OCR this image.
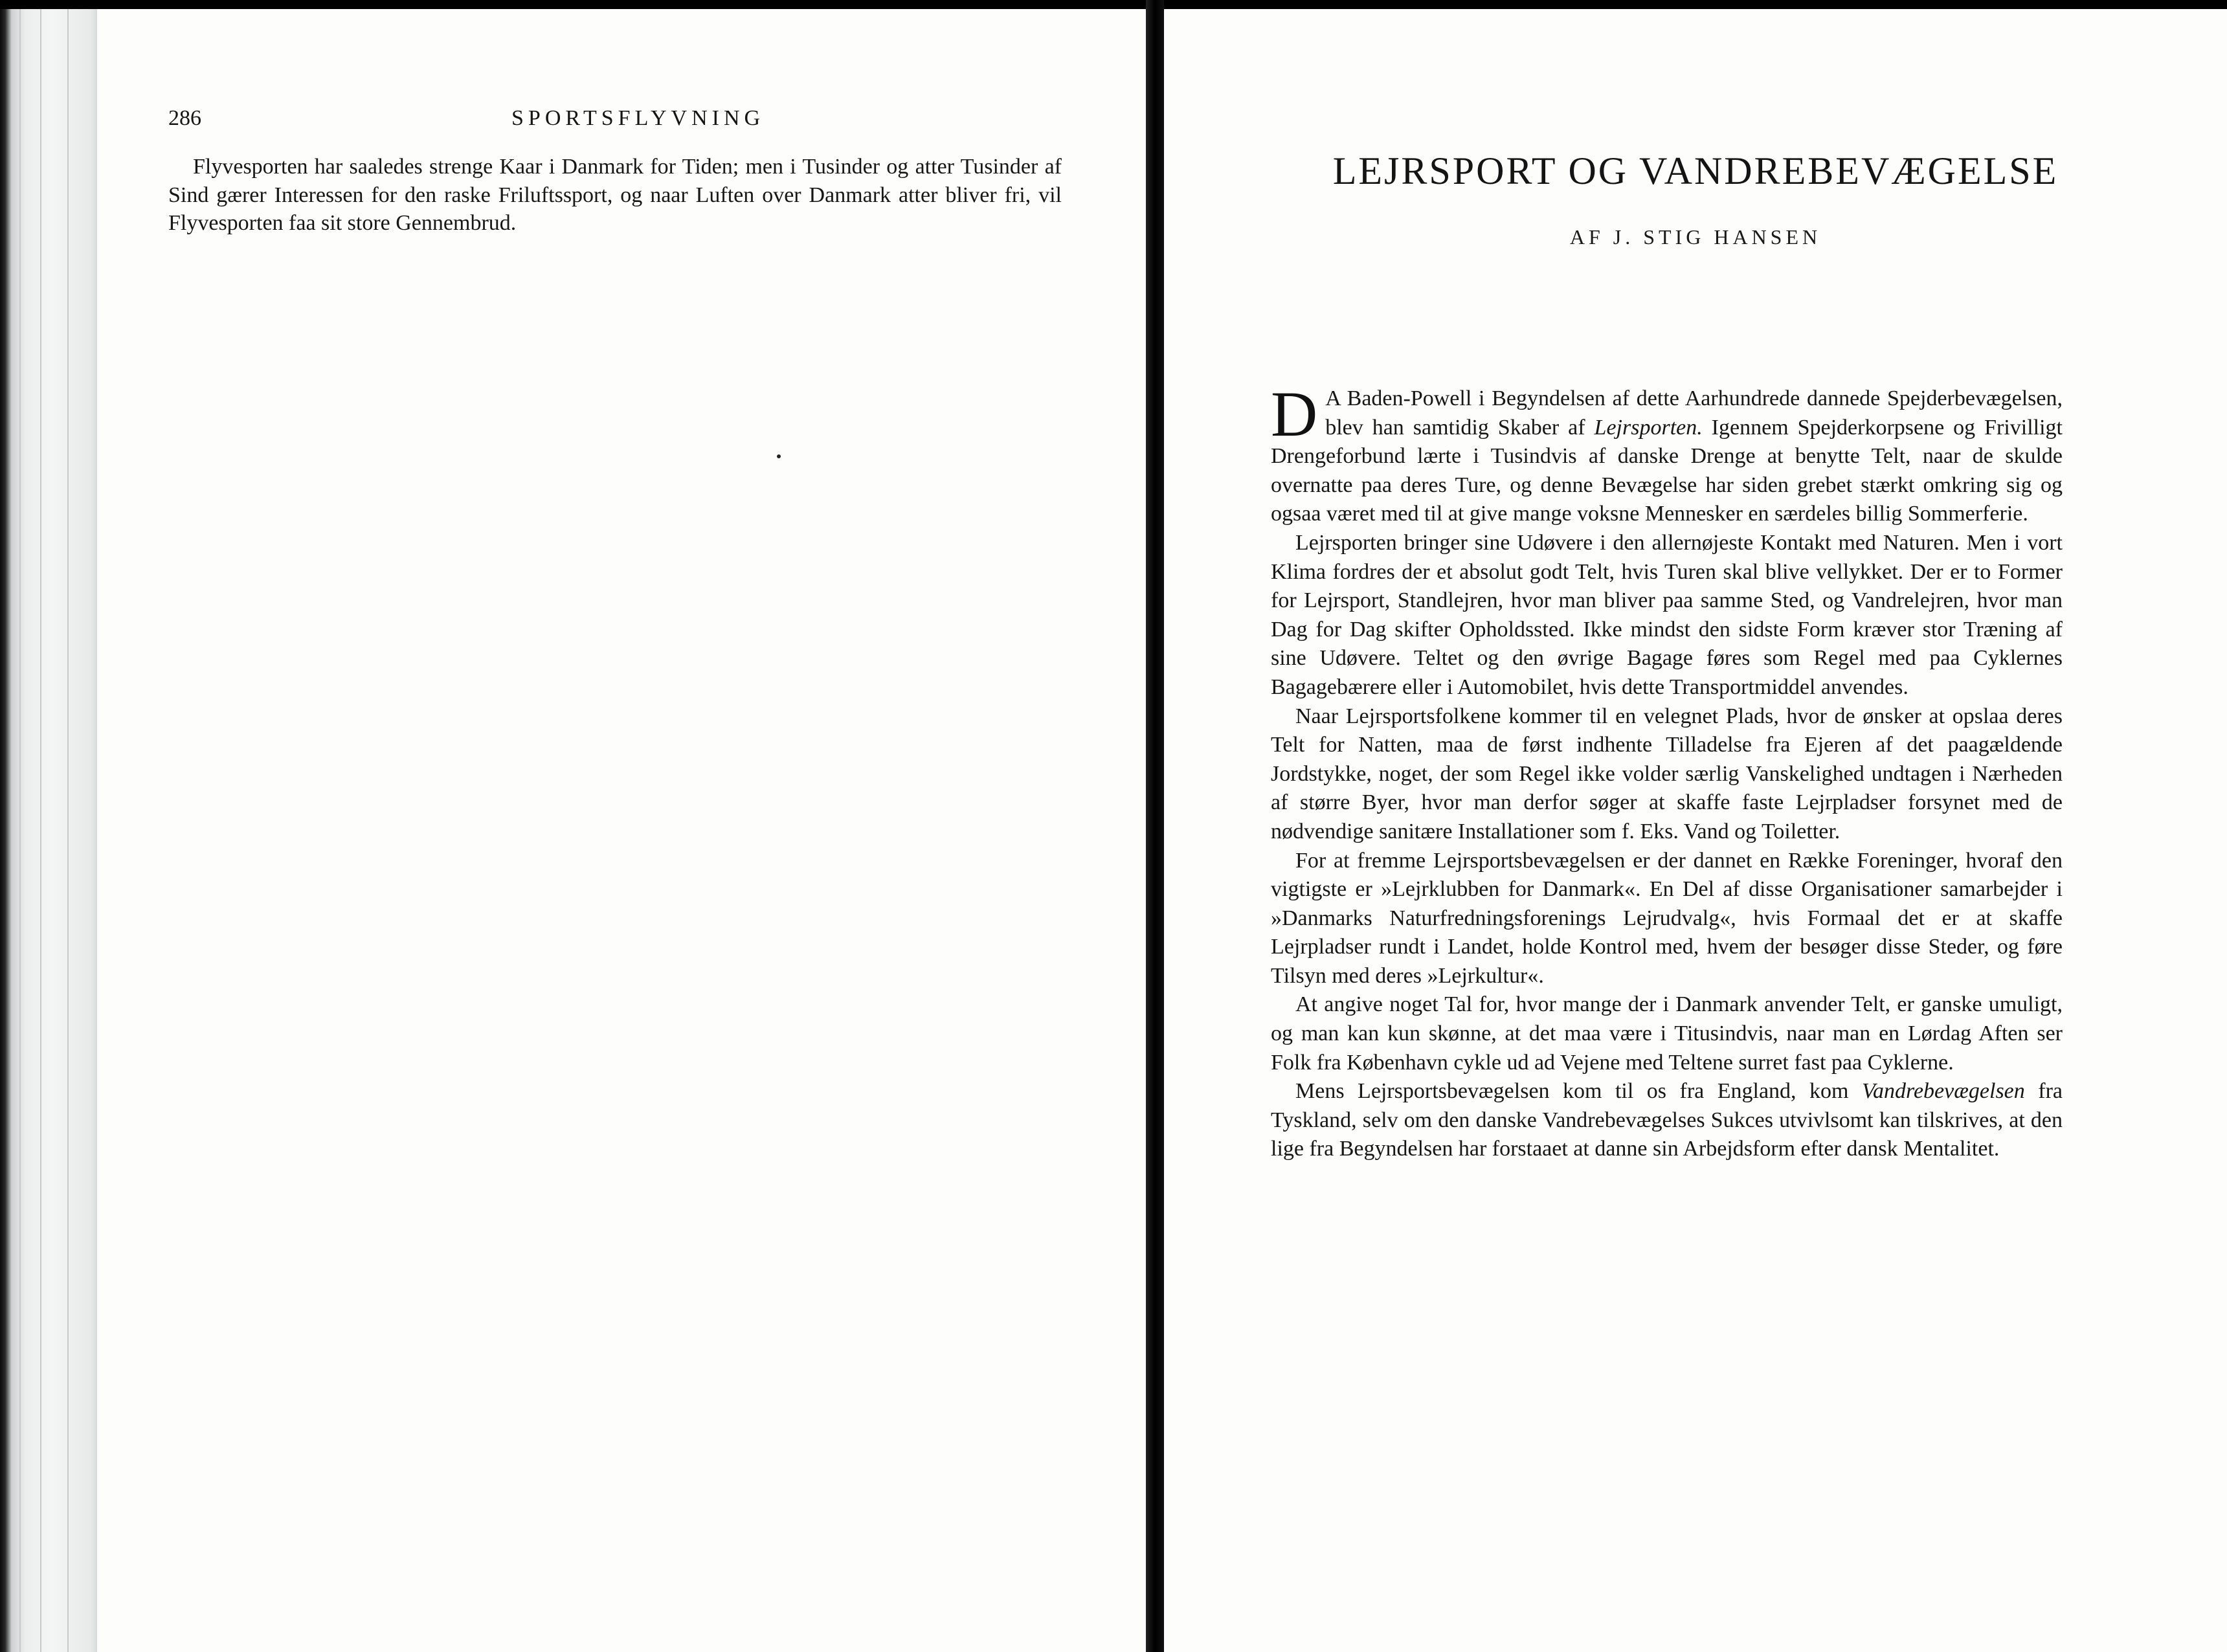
286	SPORTSFLYVNING

Flyvesporten har saaledes strenge Kaar i Danmark for Tiden; men i Tusinder og atter Tusinder af Sind gærer Interessen for den raske Friluftssport, og naar Luften over Danmark atter bliver fri, vil Flyvesporten faa sit store Gennembrud.

LEJRSPORT OG VANDREBEVÆGELSE
AF J. STIG HANSEN

D A Baden-Powell i Begyndelsen af dette Aarhundrede dannede Spejderbevægelsen, blev han samtidig Skaber af Lejrsporten. Igennem Spejderkorpsene og Frivilligt Drengeforbund lærte i Tusindvis af danske Drenge at benytte Telt, naar de skulde overnatte paa deres Ture, og denne Bevægelse har siden grebet stærkt omkring sig og ogsaa været med til at give mange voksne Mennesker en særdeles billig Sommerferie.

Lejrsporten bringer sine Udøvere i den allernøjeste Kontakt med Naturen. Men i vort Klima fordres der et absolut godt Telt, hvis Turen skal blive vellykket. Der er to Former for Lejrsport, Standlejren, hvor man bliver paa samme Sted, og Vandrelejren, hvor man Dag for Dag skifter Opholdssted. Ikke mindst den sidste Form kræver stor Træning af sine Udøvere. Teltet og den øvrige Bagage føres som Regel med paa Cyklernes Bagagebærere eller i Automobilet, hvis dette Transportmiddel anvendes.

Naar Lejrsportsfolkene kommer til en velegnet Plads, hvor de ønsker at opslaa deres Telt for Natten, maa de først indhente Tilladelse fra Ejeren af det paagældende Jordstykke, noget, der som Regel ikke volder særlig Vanskelighed undtagen i Nærheden af større Byer, hvor man derfor søger at skaffe faste Lejrpladser forsynet med de nødvendige sanitære Installationer som f. Eks. Vand og Toiletter.

For at fremme Lejrsportsbevægelsen er der dannet en Række Foreninger, hvoraf den vigtigste er »Lejrklubben for Danmark«. En Del af disse Organisationer samarbejder i »Danmarks Naturfredningsforenings Lejrudvalg«, hvis Formaal det er at skaffe Lejrpladser rundt i Landet, holde Kontrol med, hvem der besøger disse Steder, og føre Tilsyn med deres »Lejrkultur«.

At angive noget Tal for, hvor mange der i Danmark anvender Telt, er ganske umuligt, og man kan kun skønne, at det maa være i Titusindvis, naar man en Lørdag Aften ser Folk fra København cykle ud ad Vejene med Teltene surret fast paa Cyklerne.

Mens Lejrsportsbevægelsen kom til os fra England, kom Vandrebevægelsen fra Tyskland, selv om den danske Vandrebevægelses Sukces utvivlsomt kan tilskrives, at den lige fra Begyndelsen har forstaaet at danne sin Arbejdsform efter dansk Mentalitet.
